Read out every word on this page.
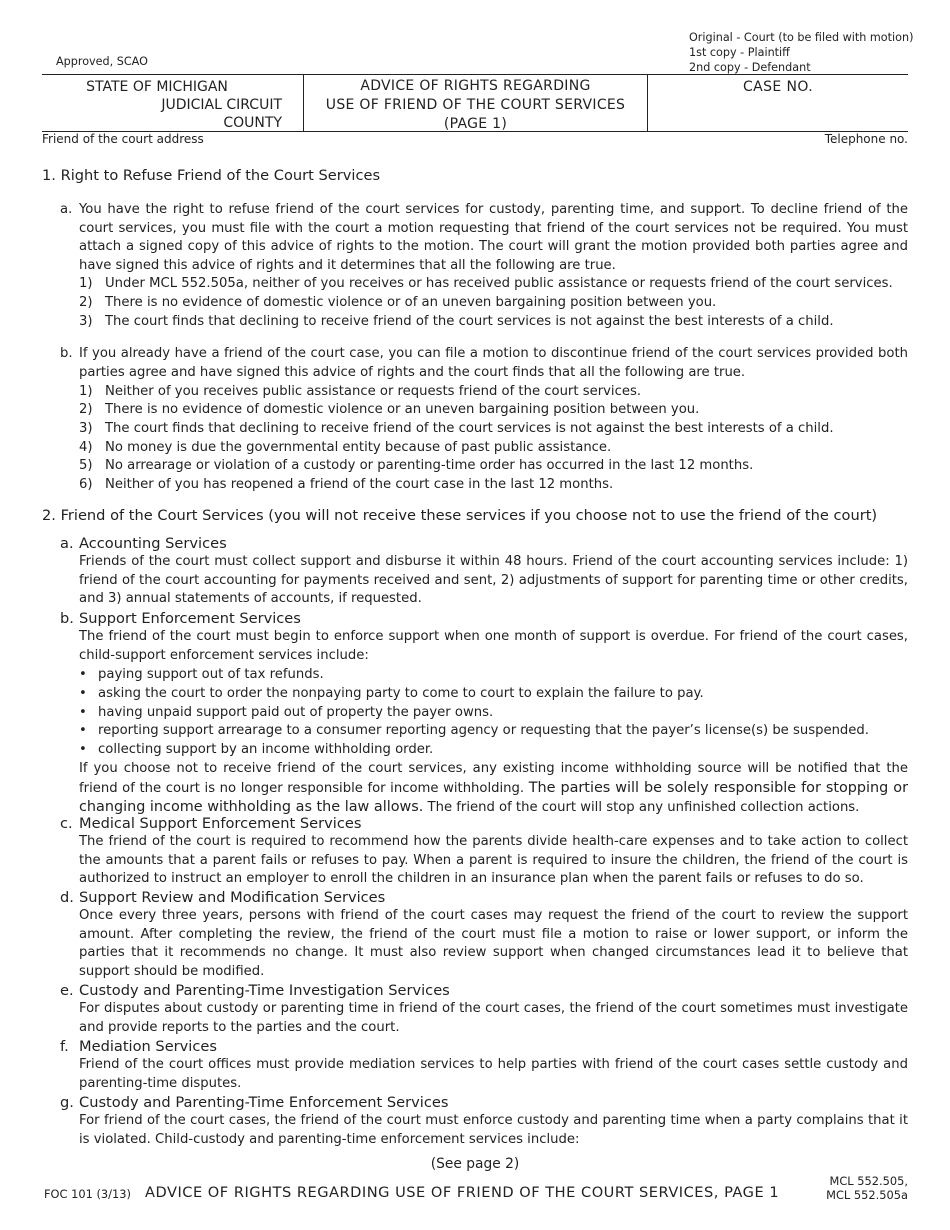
Original - Court (to be filed with motion)
1st copy - Plaintiff
2nd copy - Defendant
Approved, SCAO
STATE OF MICHIGAN
JUDICIAL CIRCUIT
COUNTY
ADVICE OF RIGHTS REGARDING
USE OF FRIEND OF THE COURT SERVICES
(PAGE 1)
CASE NO.
Friend of the court address	Telephone no.
1. Right to Refuse Friend of the Court Services
a. You have the right to refuse friend of the court services for custody, parenting time, and support. To decline friend of the court services, you must file with the court a motion requesting that friend of the court services not be required. You must attach a signed copy of this advice of rights to the motion. The court will grant the motion provided both parties agree and have signed this advice of rights and it determines that all the following are true.
1) Under MCL 552.505a, neither of you receives or has received public assistance or requests friend of the court services.
2) There is no evidence of domestic violence or of an uneven bargaining position between you.
3) The court finds that declining to receive friend of the court services is not against the best interests of a child.
b. If you already have a friend of the court case, you can file a motion to discontinue friend of the court services provided both parties agree and have signed this advice of rights and the court finds that all the following are true.
1) Neither of you receives public assistance or requests friend of the court services.
2) There is no evidence of domestic violence or an uneven bargaining position between you.
3) The court finds that declining to receive friend of the court services is not against the best interests of a child.
4) No money is due the governmental entity because of past public assistance.
5) No arrearage or violation of a custody or parenting-time order has occurred in the last 12 months.
6) Neither of you has reopened a friend of the court case in the last 12 months.
2. Friend of the Court Services (you will not receive these services if you choose not to use the friend of the court)
a. Accounting Services
Friends of the court must collect support and disburse it within 48 hours. Friend of the court accounting services include: 1) friend of the court accounting for payments received and sent, 2) adjustments of support for parenting time or other credits, and 3) annual statements of accounts, if requested.
b. Support Enforcement Services
The friend of the court must begin to enforce support when one month of support is overdue. For friend of the court cases, child-support enforcement services include:
• paying support out of tax refunds.
• asking the court to order the nonpaying party to come to court to explain the failure to pay.
• having unpaid support paid out of property the payer owns.
• reporting support arrearage to a consumer reporting agency or requesting that the payer’s license(s) be suspended.
• collecting support by an income withholding order.
If you choose not to receive friend of the court services, any existing income withholding source will be notified that the friend of the court is no longer responsible for income withholding. The parties will be solely responsible for stopping or changing income withholding as the law allows. The friend of the court will stop any unfinished collection actions.
c. Medical Support Enforcement Services
The friend of the court is required to recommend how the parents divide health-care expenses and to take action to collect the amounts that a parent fails or refuses to pay. When a parent is required to insure the children, the friend of the court is authorized to instruct an employer to enroll the children in an insurance plan when the parent fails or refuses to do so.
d. Support Review and Modification Services
Once every three years, persons with friend of the court cases may request the friend of the court to review the support amount. After completing the review, the friend of the court must file a motion to raise or lower support, or inform the parties that it recommends no change. It must also review support when changed circumstances lead it to believe that support should be modified.
e. Custody and Parenting-Time Investigation Services
For disputes about custody or parenting time in friend of the court cases, the friend of the court sometimes must investigate and provide reports to the parties and the court.
f. Mediation Services
Friend of the court offices must provide mediation services to help parties with friend of the court cases settle custody and parenting-time disputes.
g. Custody and Parenting-Time Enforcement Services
For friend of the court cases, the friend of the court must enforce custody and parenting time when a party complains that it is violated. Child-custody and parenting-time enforcement services include:
(See page 2)
FOC 101 (3/13) ADVICE OF RIGHTS REGARDING USE OF FRIEND OF THE COURT SERVICES, PAGE 1
MCL 552.505,
MCL 552.505a
